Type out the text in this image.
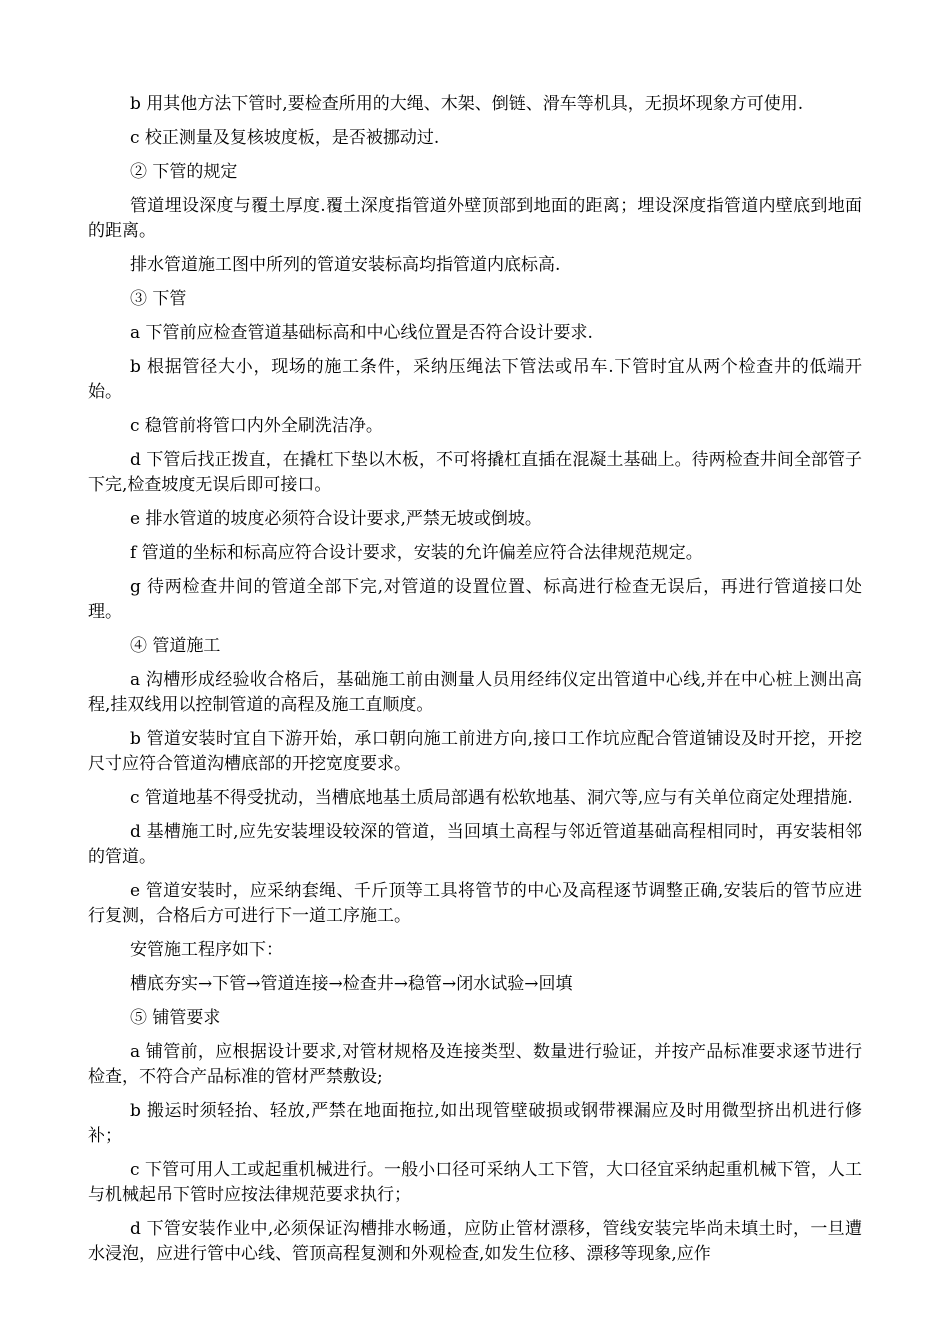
b 用其他方法下管时,要检查所用的大绳、木架、倒链、滑车等机具，无损坏现象方可使用.

c 校正测量及复核坡度板，是否被挪动过.

② 下管的规定

管道埋设深度与覆土厚度.覆土深度指管道外壁顶部到地面的距离；埋设深度指管道内壁底到地面的距离。

排水管道施工图中所列的管道安装标高均指管道内底标高.

③ 下管

a 下管前应检查管道基础标高和中心线位置是否符合设计要求.

b 根据管径大小，现场的施工条件，采纳压绳法下管法或吊车.下管时宜从两个检查井的低端开始。

c 稳管前将管口内外全刷洗洁净。

d 下管后找正拨直，在撬杠下垫以木板，不可将撬杠直插在混凝土基础上。待两检查井间全部管子下完,检查坡度无误后即可接口。

e 排水管道的坡度必须符合设计要求,严禁无坡或倒坡。

f 管道的坐标和标高应符合设计要求，安装的允许偏差应符合法律规范规定。

g 待两检查井间的管道全部下完,对管道的设置位置、标高进行检查无误后，再进行管道接口处理。

④ 管道施工

a 沟槽形成经验收合格后，基础施工前由测量人员用经纬仪定出管道中心线,并在中心桩上测出高程,挂双线用以控制管道的高程及施工直顺度。

b 管道安装时宜自下游开始，承口朝向施工前进方向,接口工作坑应配合管道铺设及时开挖，开挖尺寸应符合管道沟槽底部的开挖宽度要求。

c 管道地基不得受扰动，当槽底地基土质局部遇有松软地基、洞穴等,应与有关单位商定处理措施.

d 基槽施工时,应先安装埋设较深的管道，当回填土高程与邻近管道基础高程相同时，再安装相邻的管道。

e 管道安装时，应采纳套绳、千斤顶等工具将管节的中心及高程逐节调整正确,安装后的管节应进行复测，合格后方可进行下一道工序施工。

安管施工程序如下：

槽底夯实→下管→管道连接→检查井→稳管→闭水试验→回填

⑤ 铺管要求

a 铺管前，应根据设计要求,对管材规格及连接类型、数量进行验证，并按产品标准要求逐节进行检查，不符合产品标准的管材严禁敷设;

b 搬运时须轻抬、轻放,严禁在地面拖拉,如出现管壁破损或钢带裸漏应及时用微型挤出机进行修补；

c 下管可用人工或起重机械进行。一般小口径可采纳人工下管，大口径宜采纳起重机械下管，人工与机械起吊下管时应按法律规范要求执行；

d 下管安装作业中,必须保证沟槽排水畅通，应防止管材漂移，管线安装完毕尚未填土时，一旦遭水浸泡，应进行管中心线、管顶高程复测和外观检查,如发生位移、漂移等现象,应作
